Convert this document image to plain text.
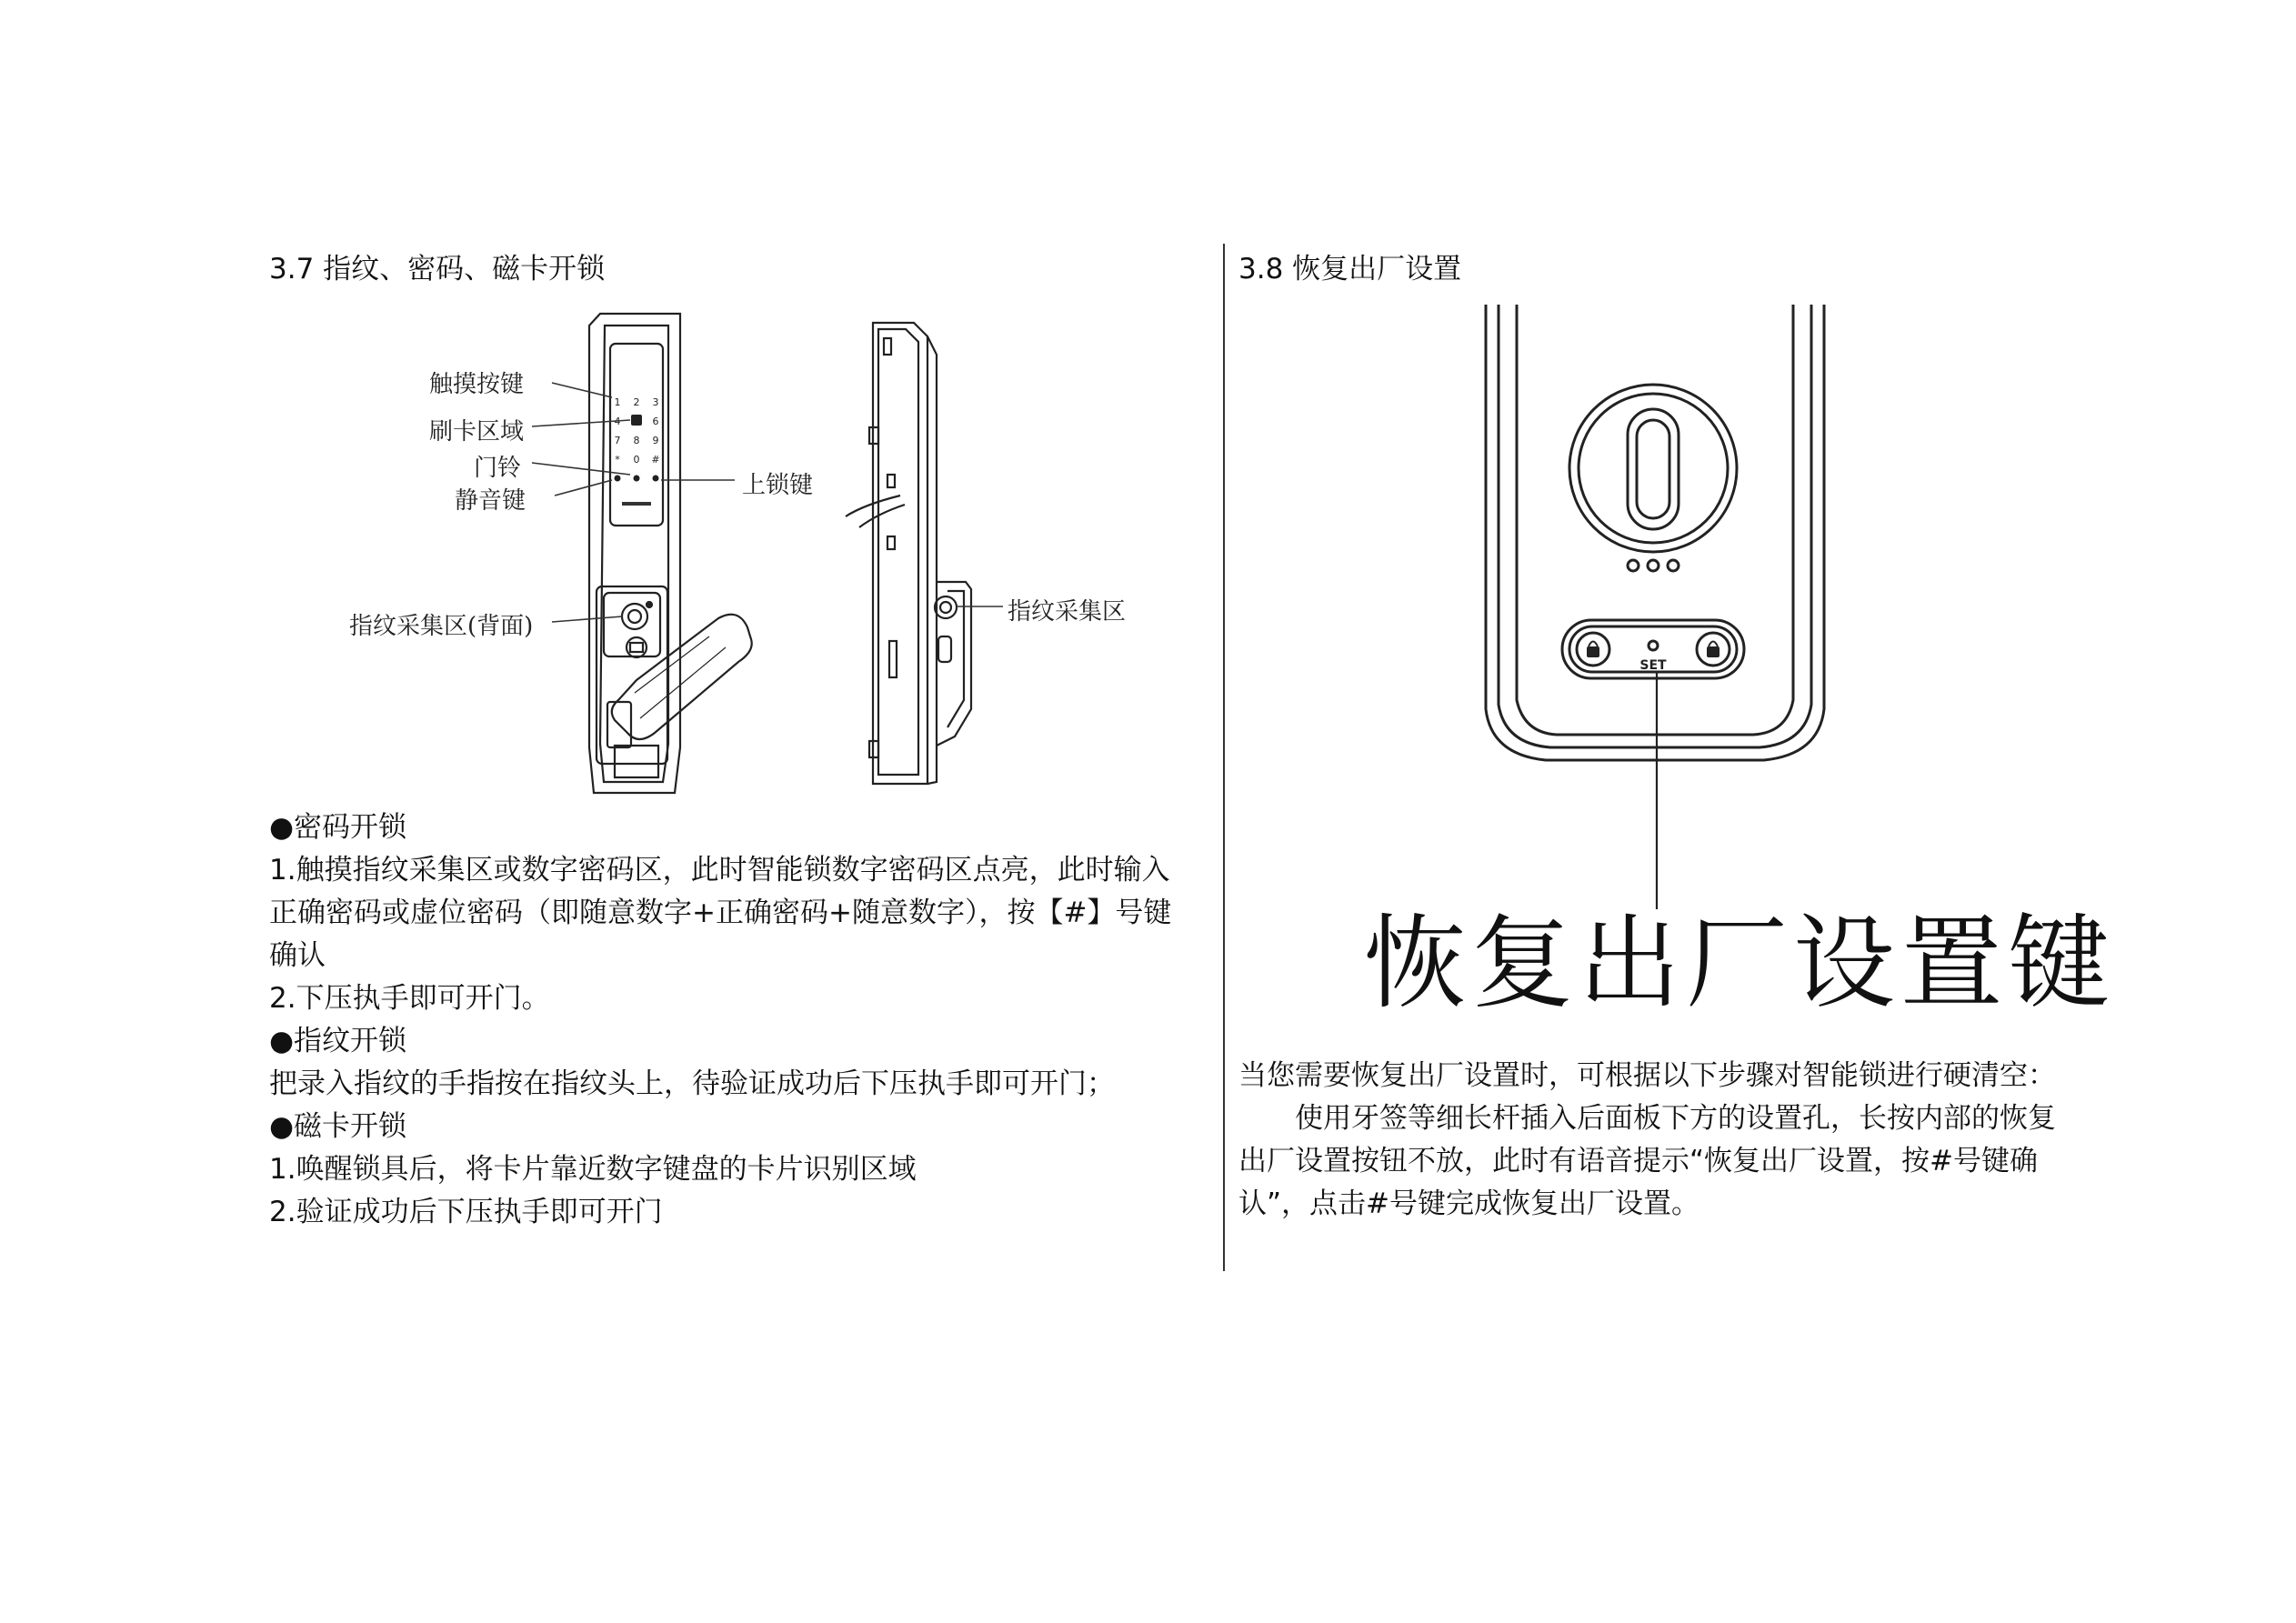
3.7 指纹、密码、磁卡开锁
1 2 3
4	6
7 8 9
* 0 #
触摸按键
刷卡区域
门铃
静音键
上锁键
指纹采集区(背面)
指纹采集区
●密码开锁
1.触摸指纹采集区或数字密码区，此时智能锁数字密码区点亮，此时输入
正确密码或虚位密码（即随意数字+正确密码+随意数字），按【#】号键
确认
2.下压执手即可开门。
●指纹开锁
把录入指纹的手指按在指纹头上，待验证成功后下压执手即可开门；
●磁卡开锁
1.唤醒锁具后，将卡片靠近数字键盘的卡片识别区域
2.验证成功后下压执手即可开门
3.8 恢复出厂设置
SET
恢复出厂设置键
当您需要恢复出厂设置时，可根据以下步骤对智能锁进行硬清空：
使用牙签等细长杆插入后面板下方的设置孔，长按内部的恢复
出厂设置按钮不放，此时有语音提示“恢复出厂设置，按#号键确
认”，点击#号键完成恢复出厂设置。
